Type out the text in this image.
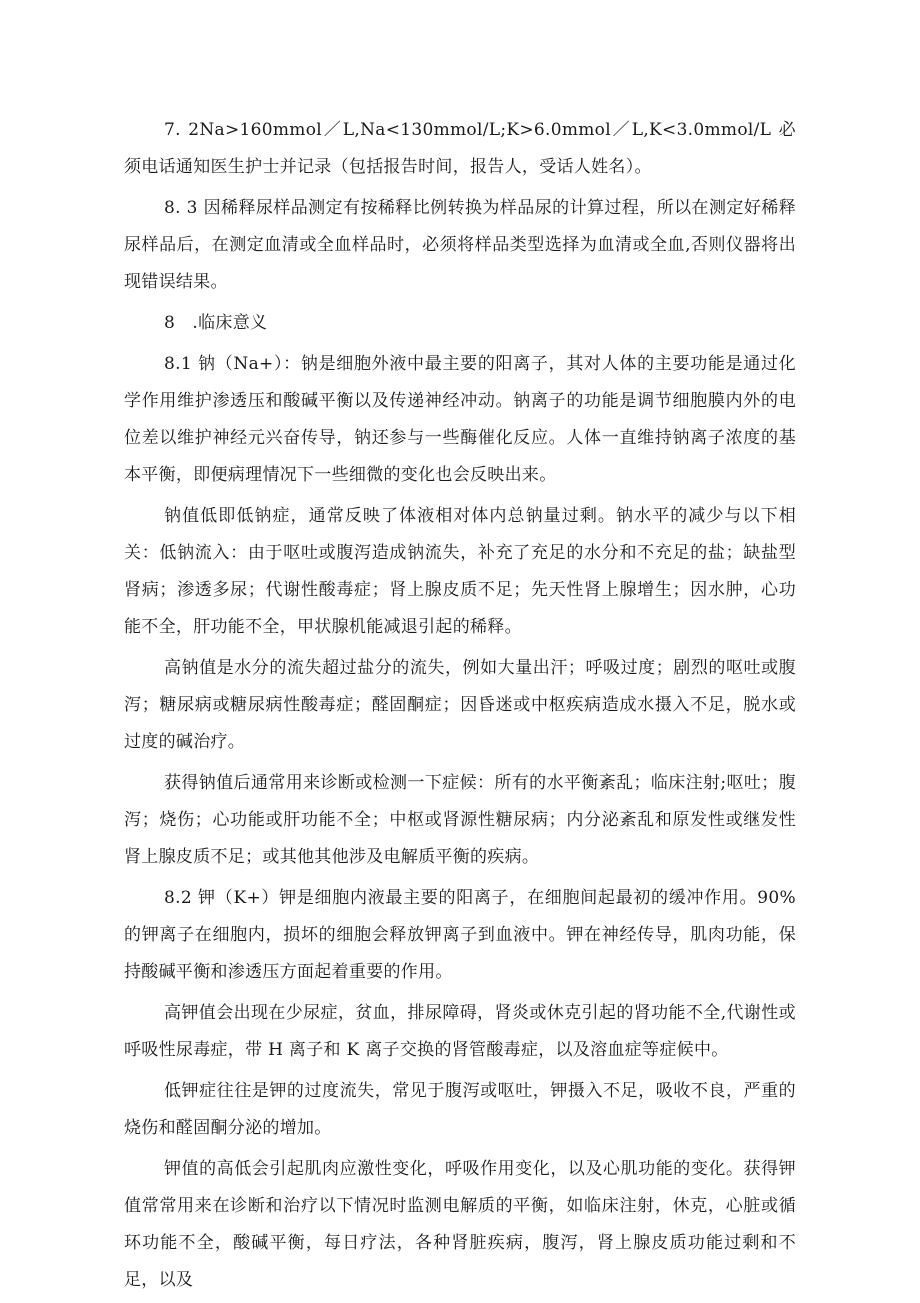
7. 2Na>160mmol／L,Na<130mmol/L;K>6.0mmol／L,K<3.0mmol/L 必须电话通知医生护士并记录（包括报告时间，报告人，受话人姓名）。

8. 3 因稀释尿样品测定有按稀释比例转换为样品尿的计算过程，所以在测定好稀释尿样品后，在测定血清或全血样品时，必须将样品类型选择为血清或全血,否则仪器将出现错误结果。

8　.临床意义

8.1 钠（Na+）：钠是细胞外液中最主要的阳离子，其对人体的主要功能是通过化学作用维护渗透压和酸碱平衡以及传递神经冲动。钠离子的功能是调节细胞膜内外的电位差以维护神经元兴奋传导，钠还参与一些酶催化反应。人体一直维持钠离子浓度的基本平衡，即便病理情况下一些细微的变化也会反映出来。

钠值低即低钠症，通常反映了体液相对体内总钠量过剩。钠水平的减少与以下相关：低钠流入：由于呕吐或腹泻造成钠流失，补充了充足的水分和不充足的盐；缺盐型肾病；渗透多尿；代谢性酸毒症；肾上腺皮质不足；先天性肾上腺增生；因水肿，心功能不全，肝功能不全，甲状腺机能减退引起的稀释。

高钠值是水分的流失超过盐分的流失，例如大量出汗；呼吸过度；剧烈的呕吐或腹泻；糖尿病或糖尿病性酸毒症；醛固酮症；因昏迷或中枢疾病造成水摄入不足，脱水或过度的碱治疗。

获得钠值后通常用来诊断或检测一下症候：所有的水平衡紊乱；临床注射;呕吐；腹泻；烧伤；心功能或肝功能不全；中枢或肾源性糖尿病；内分泌紊乱和原发性或继发性肾上腺皮质不足；或其他其他涉及电解质平衡的疾病。

8.2 钾（K+）钾是细胞内液最主要的阳离子，在细胞间起最初的缓冲作用。90%的钾离子在细胞内，损坏的细胞会释放钾离子到血液中。钾在神经传导，肌肉功能，保持酸碱平衡和渗透压方面起着重要的作用。

高钾值会出现在少尿症，贫血，排尿障碍，肾炎或休克引起的肾功能不全,代谢性或呼吸性尿毒症，带 H 离子和 K 离子交换的肾管酸毒症，以及溶血症等症候中。

低钾症往往是钾的过度流失，常见于腹泻或呕吐，钾摄入不足，吸收不良，严重的烧伤和醛固酮分泌的增加。

钾值的高低会引起肌肉应激性变化，呼吸作用变化，以及心肌功能的变化。获得钾值常常用来在诊断和治疗以下情况时监测电解质的平衡，如临床注射，休克，心脏或循环功能不全，酸碱平衡，每日疗法，各种肾脏疾病，腹泻，肾上腺皮质功能过剩和不足，以及
